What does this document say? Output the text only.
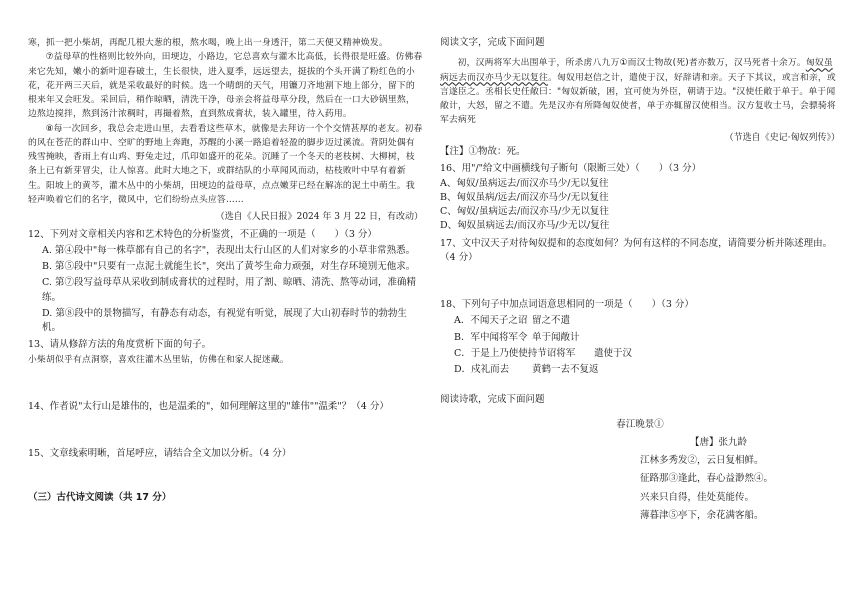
寒，抓一把小柴胡，再配几根大葱的根，熬水喝，晚上出一身透汗，第二天便又精神焕发。

⑦益母草的性格则比较外向，田埂边，小路边，它总喜欢与灌木比高低，长得很是旺盛。仿佛春来它先知，嫩小的新叶迎春破土，生长很快，进入夏季，远远望去，挺拔的个头开满了粉红色的小花，花开两三天后，就是采收最好的时候。选一个晴朗的天气，用镰刀齐地割下地上部分，留下的根来年又会旺发。采回后，稍作晾晒，清洗干净，母亲会将益母草分段，然后在一口大砂锅里熬，边熬边搅拌，熬到汤汁浓稠时，再撮着熬，直到熬成膏状，装入罐里，待入药用。

⑧每一次回乡，我总会走进山里，去看看这些草木，就像是去拜访一个个交情甚厚的老友。初春的风在苍茫的群山中、空旷的野地上奔跑，苏醒的小溪一路追着轻盈的脚步迈过溪流。背阴处偶有残雪掩映，香雨上有山鸡、野兔走过，爪印如盛开的花朵。沉睡了一个冬天的老枝树、大柳树，枝条上已有新芽冒尖，让人惊喜。此时大地之下，或群结队的小草闻风而动，枯枝败叶中早有着新生。阳坡上的黄芩，灌木丛中的小柴胡，田埂边的益母草，点点嫩芽已经在解冻的泥土中萌生。我轻声唤着它们的名字，微风中，它们纷纷点头应答……

（选自《人民日报》2024 年 3 月 22 日，有改动）

12、下列对文章相关内容和艺术特色的分析鉴赏，不正确的一项是（　　）（3 分）

A. 第④段中"每一株草都有自己的名字"，表现出太行山区的人们对家乡的小草非常熟悉。

B. 第⑤段中"只要有一点泥土就能生长"，突出了黄芩生命力顽强，对生存环境别无他求。

C. 第⑦段写益母草从采收到制成膏状的过程时，用了割、晾晒、清洗、熬等动词，准确精练。

D. 第⑧段中的景物描写，有静态有动态，有视觉有听觉，展现了大山初春时节的勃勃生机。

13、请从修辞方法的角度赏析下面的句子。

小柴胡似乎有点洞察，喜欢往灌木丛里钻，仿佛在和家人捉迷藏。

14、作者说"太行山是雄伟的，也是温柔的"，如何理解这里的"雄伟""温柔"？（4 分）

15、文章线索明晰，首尾呼应，请结合全文加以分析。（4 分）

（三）古代诗文阅读（共 17 分）

阅读文字，完成下面问题

初，汉两将军大出围单于，所杀虏八九万①而汉士物故(死)者亦数万，汉马死者十余万。匈奴虽病远去而汉亦马少无以复往。匈奴用赵信之计，遣使于汉，好辞请和亲。天子下其议，或言和亲，或言遂臣之。丞相长史任敞曰："匈奴新破，困，宜可使为外臣，朝请于边。"汉使任敞于单于。单于闻敞计，大怒，留之不遣。先是汉亦有所降匈奴使者，单于亦辄留汉使相当。汉方复收士马，会骠骑将军去病死

（节选自《史记·匈奴列传》）

【注】①物故：死。

16、用"/"给文中画横线句子断句（限断三处）（　　）（3 分）

A、匈奴/虽病远去/而汉亦马少/无以复往

B、匈奴虽病/远去/而汉亦马少/无以复往

C、匈奴/虽病远去/而汉亦马/少无以复往

D、匈奴虽病远去/而汉亦马/少无以/复往

17、文中汉天子对待匈奴提和的态度如何？为何有这样的不同态度，请简要分析并陈述理由。（4 分）

18、下列句子中加点词语意思相同的一项是（　　）（3 分）

A．不闻天子之诏 留之不遣

B．军中闻将军令 单于闻敞计

C．于是上乃使使持节诏将军	遣使于汉

D．戍礼而去	黄鹤一去不复返

阅读诗歌，完成下面问题

春江晚景①

【唐】张九龄

江林多秀发②，云日复相鲜。

征路那③逢此，春心益渺然④。

兴来只自得，佳处莫能传。

薄暮津⑤亭下，余花满客船。
